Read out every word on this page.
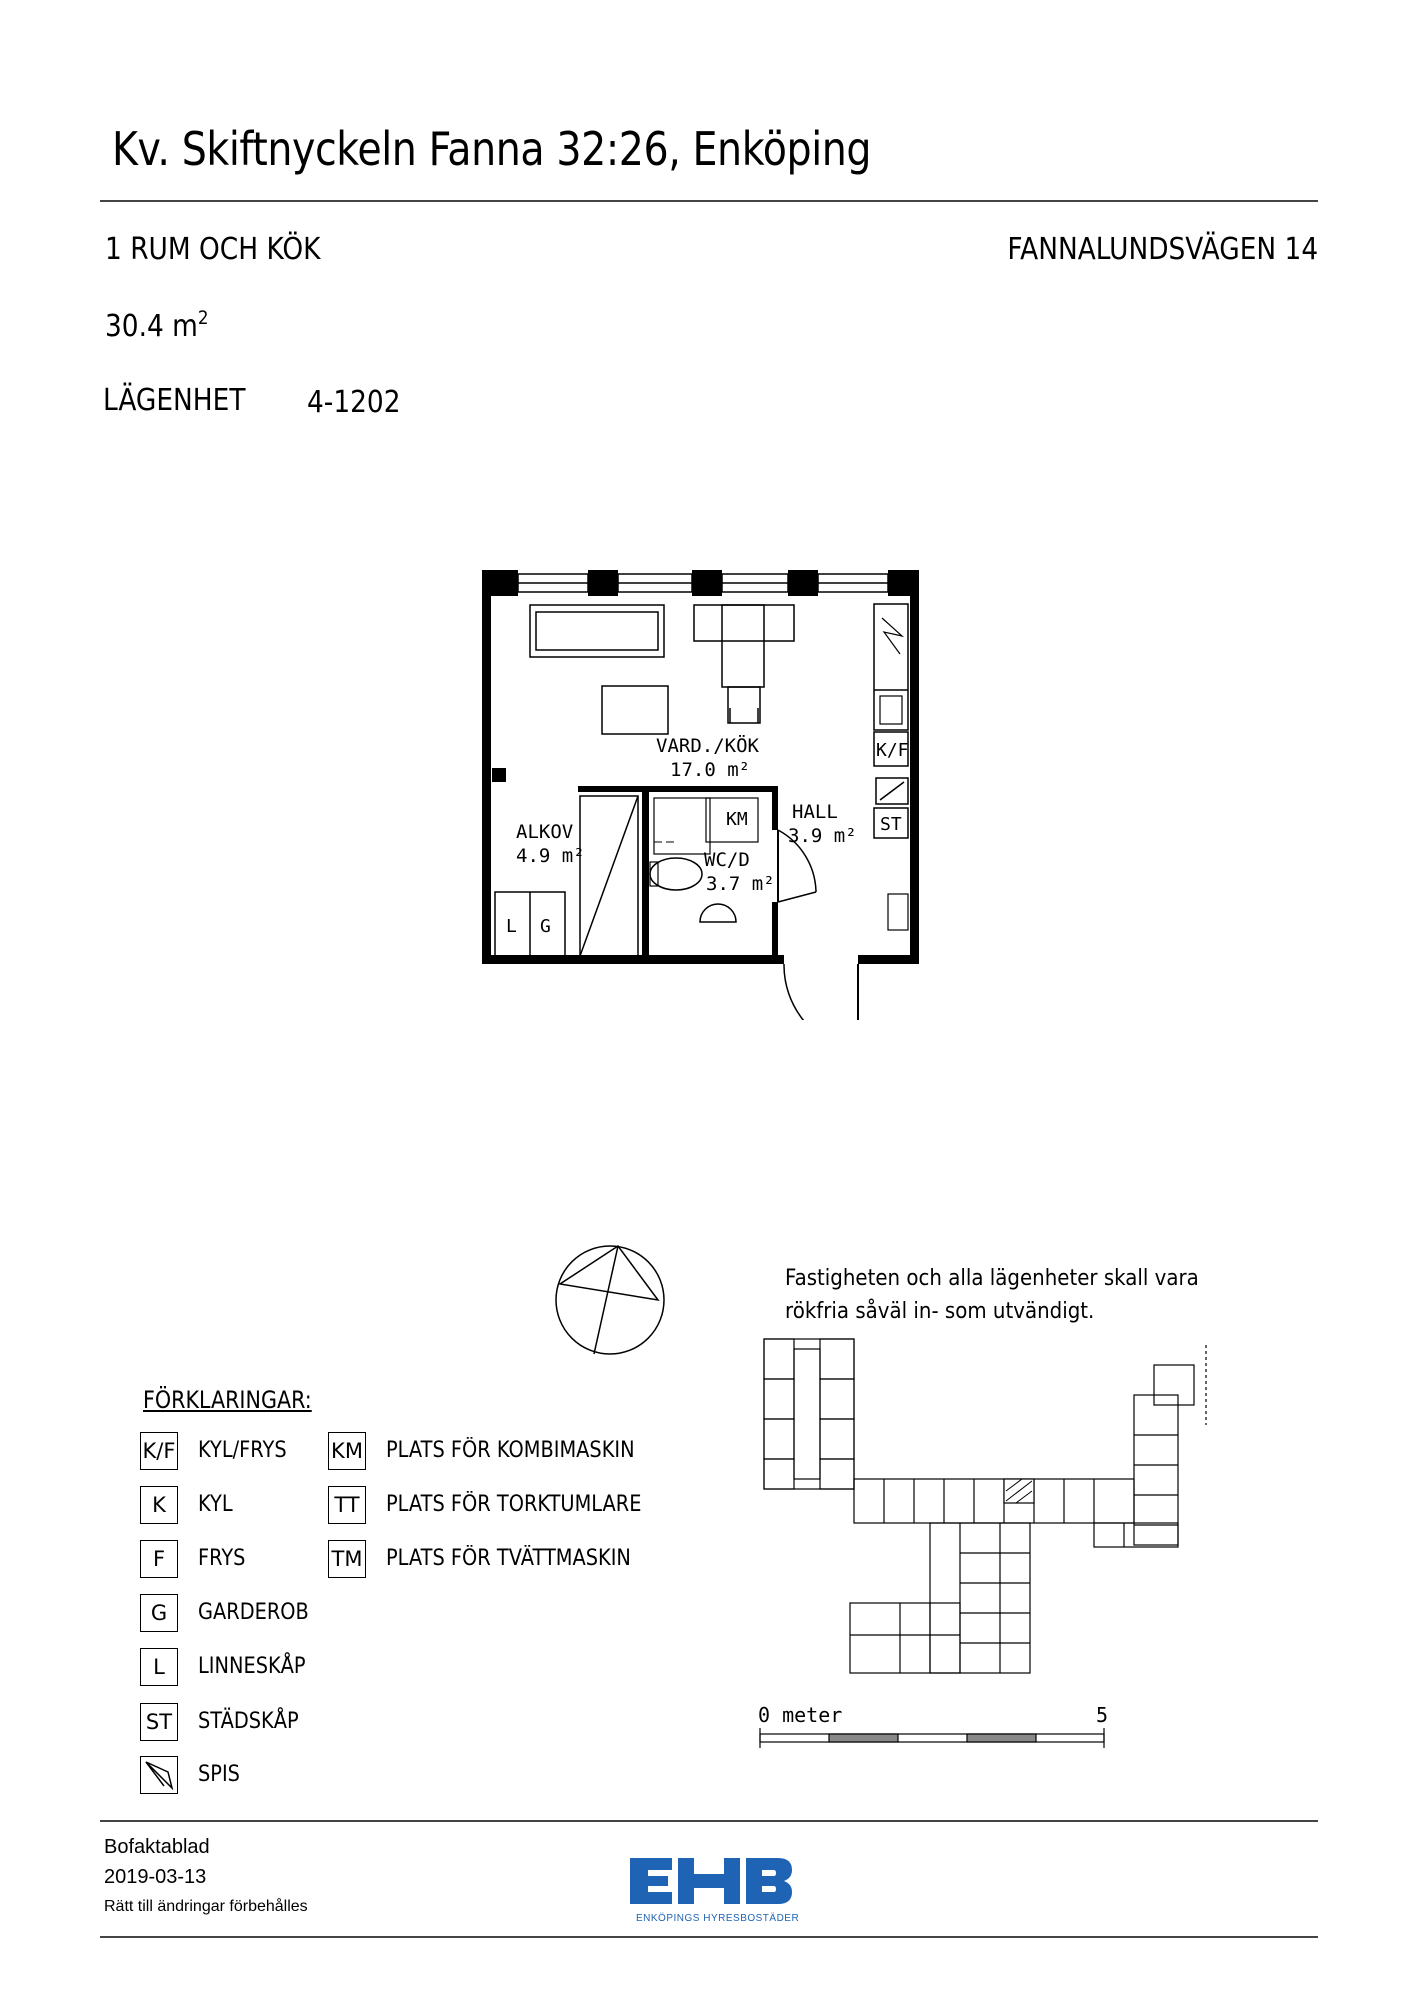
Kv. Skiftnyckeln Fanna 32:26, Enköping
1 RUM OCH KÖK	FANNALUNDSVÄGEN 14
30.4 $m^2$
LÄGENHET 4-1202
VARD./KÖK
17.0 m²
ALKOV
4.9 m²
HALL
3.9 m²
WC/D
3.7 m²
K/F
KM	ST
L G
Fastigheten och alla lägenheter skall vara
rökfria såväl in- som utvändigt.
0 meter	5
FÖRKLARINGAR:
K/F KYL/FRYS
K	KYL
F	FRYS
G	GARDEROB
L	LINNESKÅP
ST STÄDSKÅP
SPIS
KM PLATS FÖR KOMBIMASKIN
TT PLATS FÖR TORKTUMLARE
TM PLATS FÖR TVÄTTMASKIN
Bofaktablad
2019-03-13
Rätt till ändringar förbehålles
ENKÖPINGS HYRESBOSTÄDER
